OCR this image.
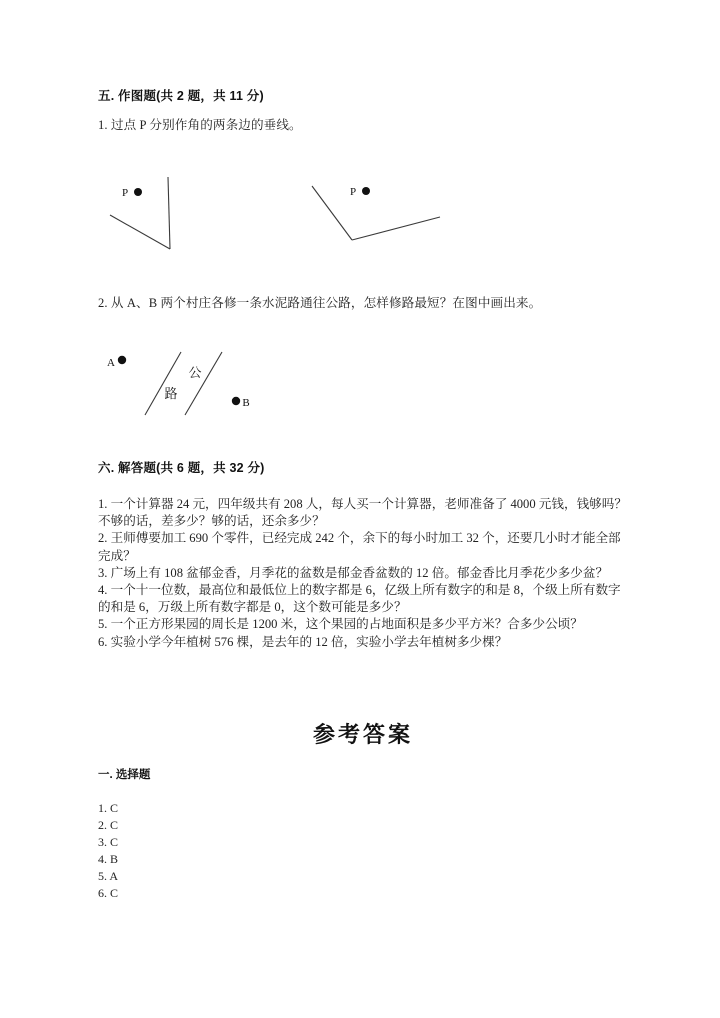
五. 作图题(共 2 题，共 11 分)
1. 过点 P 分别作角的两条边的垂线。
P	P
2. 从 A、B 两个村庄各修一条水泥路通往公路，怎样修路最短？在图中画出来。
公
路
A
B
六. 解答题(共 6 题，共 32 分)
1. 一个计算器 24 元，四年级共有 208 人，每人买一个计算器，老师准备了 4000 元钱，钱够吗？不够的话，差多少？够的话，还余多少？
2. 王师傅要加工 690 个零件，已经完成 242 个，余下的每小时加工 32 个，还要几小时才能全部完成？
3. 广场上有 108 盆郁金香，月季花的盆数是郁金香盆数的 12 倍。郁金香比月季花少多少盆？
4. 一个十一位数，最高位和最低位上的数字都是 6，亿级上所有数字的和是 8，个级上所有数字的和是 6，万级上所有数字都是 0，这个数可能是多少？
5. 一个正方形果园的周长是 1200 米，这个果园的占地面积是多少平方米？合多少公顷？
6. 实验小学今年植树 576 棵，是去年的 12 倍，实验小学去年植树多少棵？
参考答案
一. 选择题
1. C
2. C
3. C
4. B
5. A
6. C
